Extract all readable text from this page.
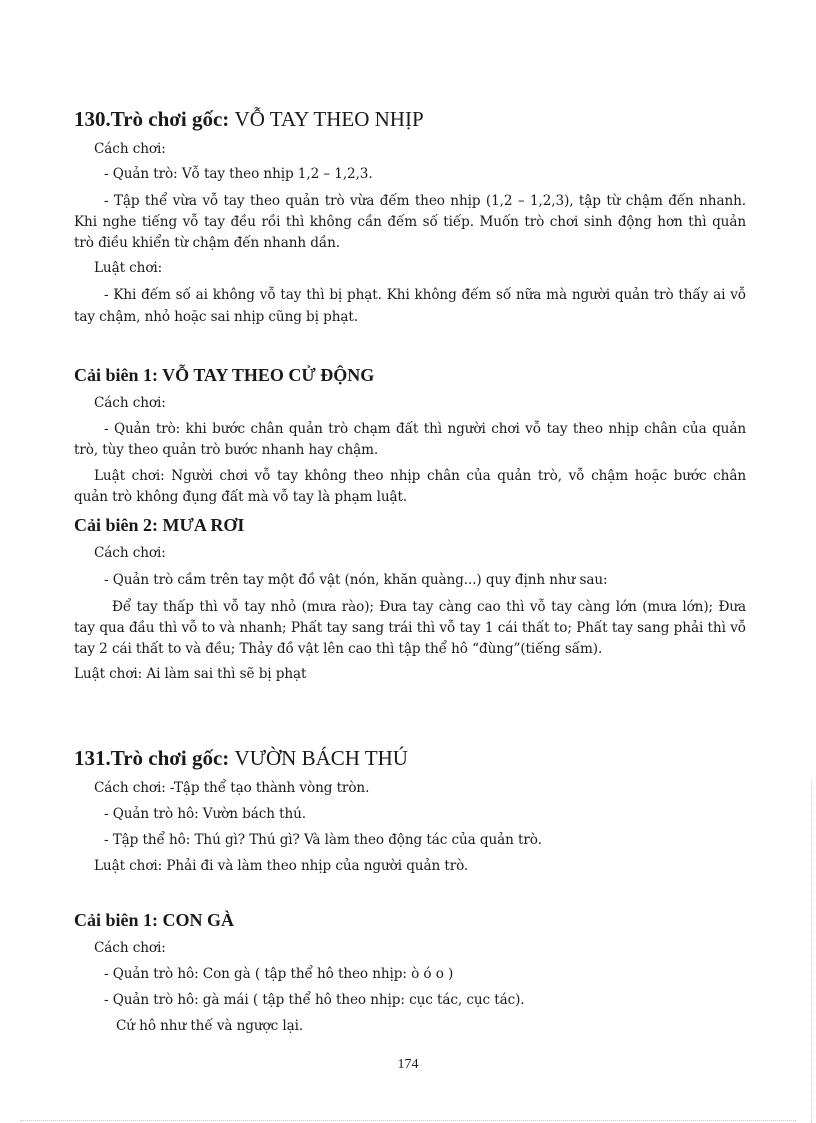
130.Trò chơi gốc: VỖ TAY THEO NHỊP
Cách chơi:
- Quản trò: Vỗ tay theo nhịp 1,2 – 1,2,3.
- Tập thể vừa vỗ tay theo quản trò vừa đếm theo nhịp (1,2 – 1,2,3), tập từ chậm đến nhanh.
Khi nghe tiếng vỗ tay đều rồi thì không cần đếm số tiếp. Muốn trò chơi sinh động hơn thì quản
trò điều khiển từ chậm đến nhanh dần.
Luật chơi:
- Khi đếm số ai không vỗ tay thì bị phạt. Khi không đếm số nữa mà người quản trò thấy ai vỗ
tay chậm, nhỏ hoặc sai nhịp cũng bị phạt.
Cải biên 1: VỖ TAY THEO CỬ ĐỘNG
Cách chơi:
- Quản trò: khi bước chân quản trò chạm đất thì người chơi vỗ tay theo nhịp chân của quản
trò, tùy theo quản trò bước nhanh hay chậm.
Luật chơi: Người chơi vỗ tay không theo nhịp chân của quản trò, vỗ chậm hoặc bước chân
quản trò không đụng đất mà vỗ tay là phạm luật.
Cải biên 2: MƯA RƠI
Cách chơi:
- Quản trò cầm trên tay một đồ vật (nón, khăn quàng...) quy định như sau:
Để tay thấp thì vỗ tay nhỏ (mưa rào); Đưa tay càng cao thì vỗ tay càng lớn (mưa lớn); Đưa
tay qua đầu thì vỗ to và nhanh; Phất tay sang trái thì vỗ tay 1 cái thất to; Phất tay sang phải thì vỗ
tay 2 cái thất to và đều; Thảy đồ vật lên cao thì tập thể hô “đùng”(tiếng sấm).
Luật chơi: Ai làm sai thì sẽ bị phạt
131.Trò chơi gốc: VƯỜN BÁCH THÚ
Cách chơi: -Tập thể tạo thành vòng tròn.
- Quản trò hô: Vườn bách thú.
- Tập thể hô: Thú gì? Thú gì? Và làm theo động tác của quản trò.
Luật chơi: Phải đi và làm theo nhịp của người quản trò.
Cải biên 1: CON GÀ
Cách chơi:
- Quản trò hô: Con gà ( tập thể hô theo nhịp: ò ó o )
- Quản trò hô: gà mái ( tập thể hô theo nhịp: cục tác, cục tác).
Cứ hô như thế và ngược lại.
174
